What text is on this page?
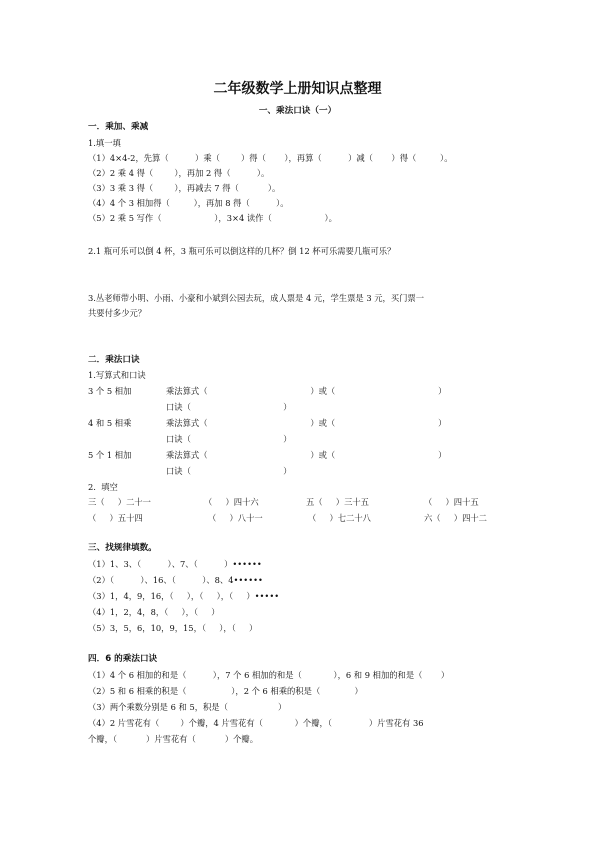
二年级数学上册知识点整理
一、乘法口诀（一）
一．乘加、乘减
1.填一填
（1）4×4-2，先算（          ）乘（        ）得（       ），再算（          ）减（       ）得（         ）。
（2）2 乘 4 得（        ），再加 2 得（          ）。
（3）3 乘 3 得（        ），再减去 7 得（           ）。
（4）4 个 3 相加得（         ），再加 8 得（          ）。
（5）2 乘 5 写作（                    ），3×4 读作（                    ）。
2.1 瓶可乐可以倒 4 杯，3 瓶可乐可以倒这样的几杯？倒 12 杯可乐需要几瓶可乐？
3.丛老师带小明、小雨、小豪和小斌到公园去玩，成人票是 4 元，学生票是 3 元，买门票一
共要付多少元？
二．乘法口诀
1.写算式和口诀
3 个 5 相加	乘法算式（                                       ）或（                                       ）
口诀（                                   ）
4 和 5 相乘	乘法算式（                                       ）或（                                       ）
口诀（                                   ）
5 个 1 相加	乘法算式（                                       ）或（                                       ）
口诀（                                   ）
2.  填空
三（     ）二十一	（     ）四十六	五（     ）三十五	（     ）四十五
（     ）五十四	（     ）八十一	（     ）七二十八	六（     ）四十二
三、找规律填数。
（1）1、3、（          ）、7、（          ）••••••
（2）（          ）、16、（          ）、8、4••••••
（3）1，4，9，16，（     ），（     ），（     ）•••••
（4）1，2，4，8，（     ），（     ）
（5）3，5，6，10，9，15，（     ），（     ）
四．6 的乘法口诀
（1）4 个 6 相加的和是（          ），7 个 6 相加的和是（            ），6 和 9 相加的和是（       ）
（2）5 和 6 相乘的积是（                 ），2 个 6 相乘的积是（             ）
（3）两个乘数分别是 6 和 5，积是（                   ）
（4）2 片雪花有（        ）个瓣，4 片雪花有（            ）个瓣，（              ）片雪花有 36
个瓣，（           ）片雪花有（           ）个瓣。
